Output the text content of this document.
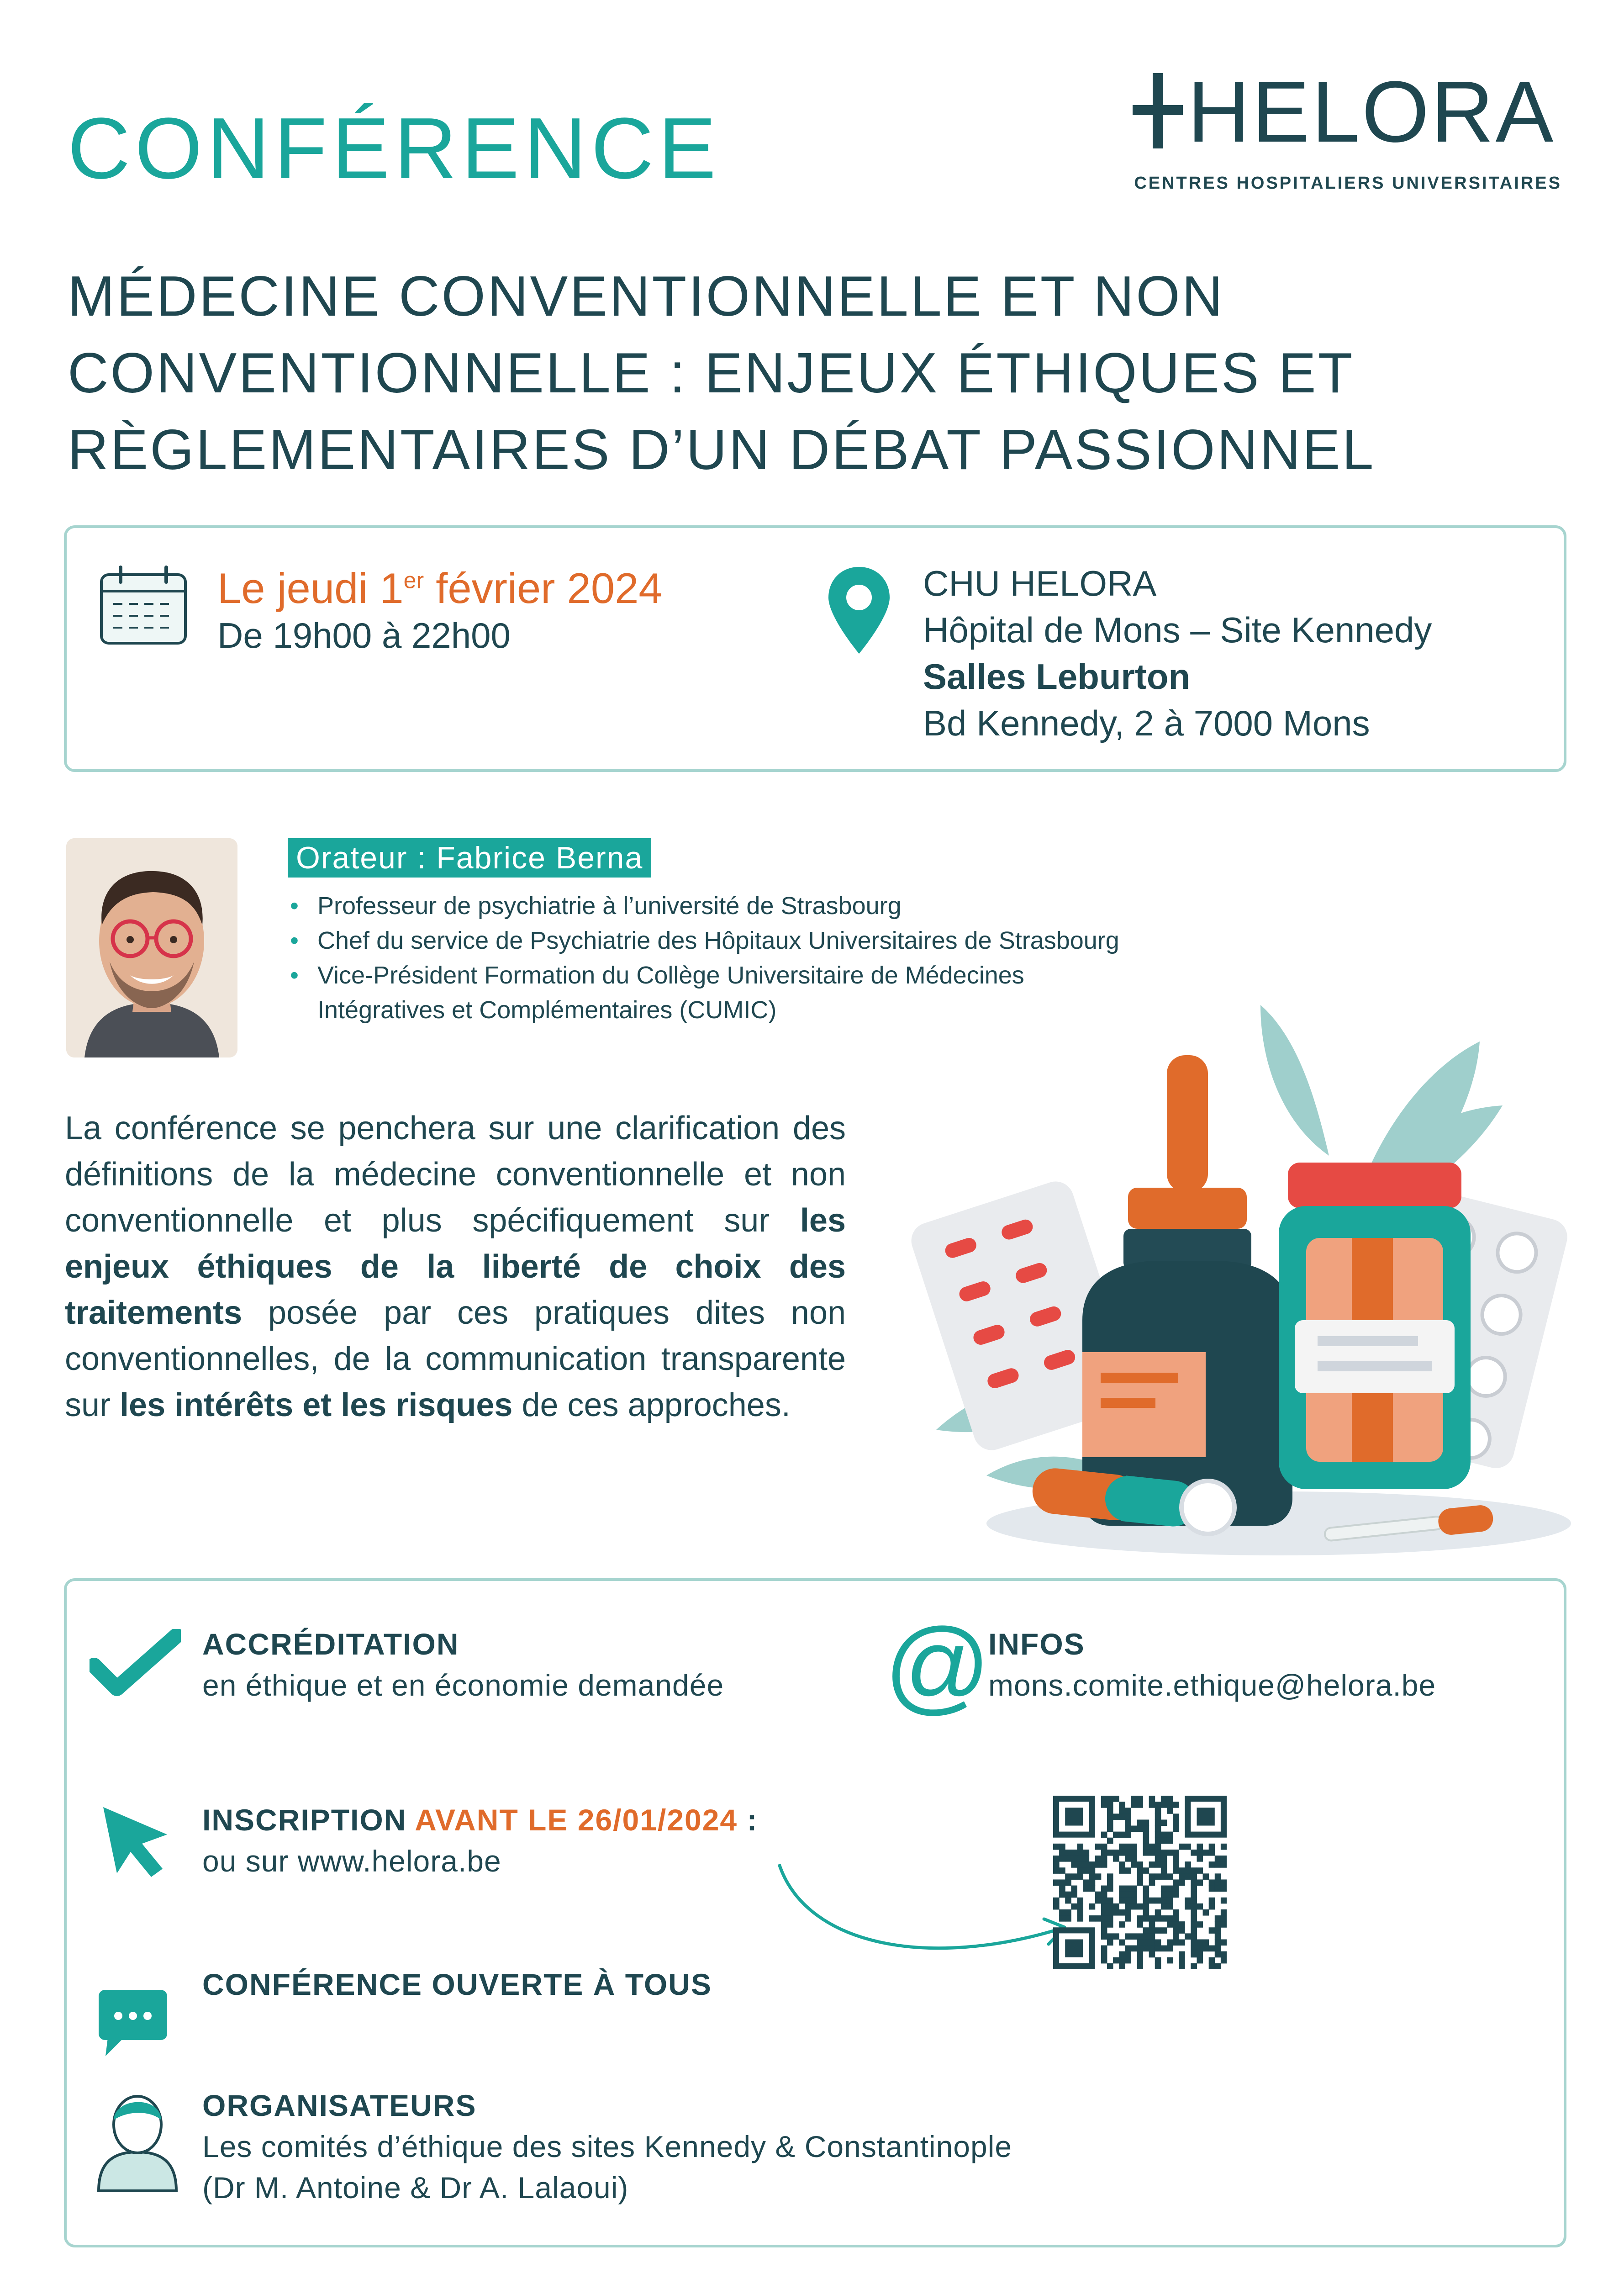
CONFÉRENCE	HELORA
CENTRES HOSPITALIERS UNIVERSITAIRES
MÉDECINE CONVENTIONNELLE ET NON
CONVENTIONNELLE : ENJEUX ÉTHIQUES ET
RÈGLEMENTAIRES D’UN DÉBAT PASSIONNEL
Le jeudi 1er février 2024
De 19h00 à 22h00
CHU HELORA
Hôpital de Mons – Site Kennedy
Salles Leburton
Bd Kennedy, 2 à 7000 Mons
Orateur : Fabrice Berna
• Professeur de psychiatrie à l’université de Strasbourg
• Chef du service de Psychiatrie des Hôpitaux Universitaires de Strasbourg
• Vice-Président Formation du Collège Universitaire de Médecines
Intégratives et Complémentaires (CUMIC)
La conférence se penchera sur une clarification des définitions de la médecine conventionnelle et non conventionnelle et plus spécifiquement sur les enjeux éthiques de la liberté de choix des traitements posée par ces pratiques dites non conventionnelles, de la communication transparente sur les intérêts et les risques de ces approches.
ACCRÉDITATION
en éthique et en économie demandée @
INFOS
mons.comite.ethique@helora.be
INSCRIPTION AVANT LE 26/01/2024 :
ou sur www.helora.be
CONFÉRENCE OUVERTE À TOUS
ORGANISATEURS
Les comités d’éthique des sites Kennedy & Constantinople
(Dr M. Antoine & Dr A. Lalaoui)
